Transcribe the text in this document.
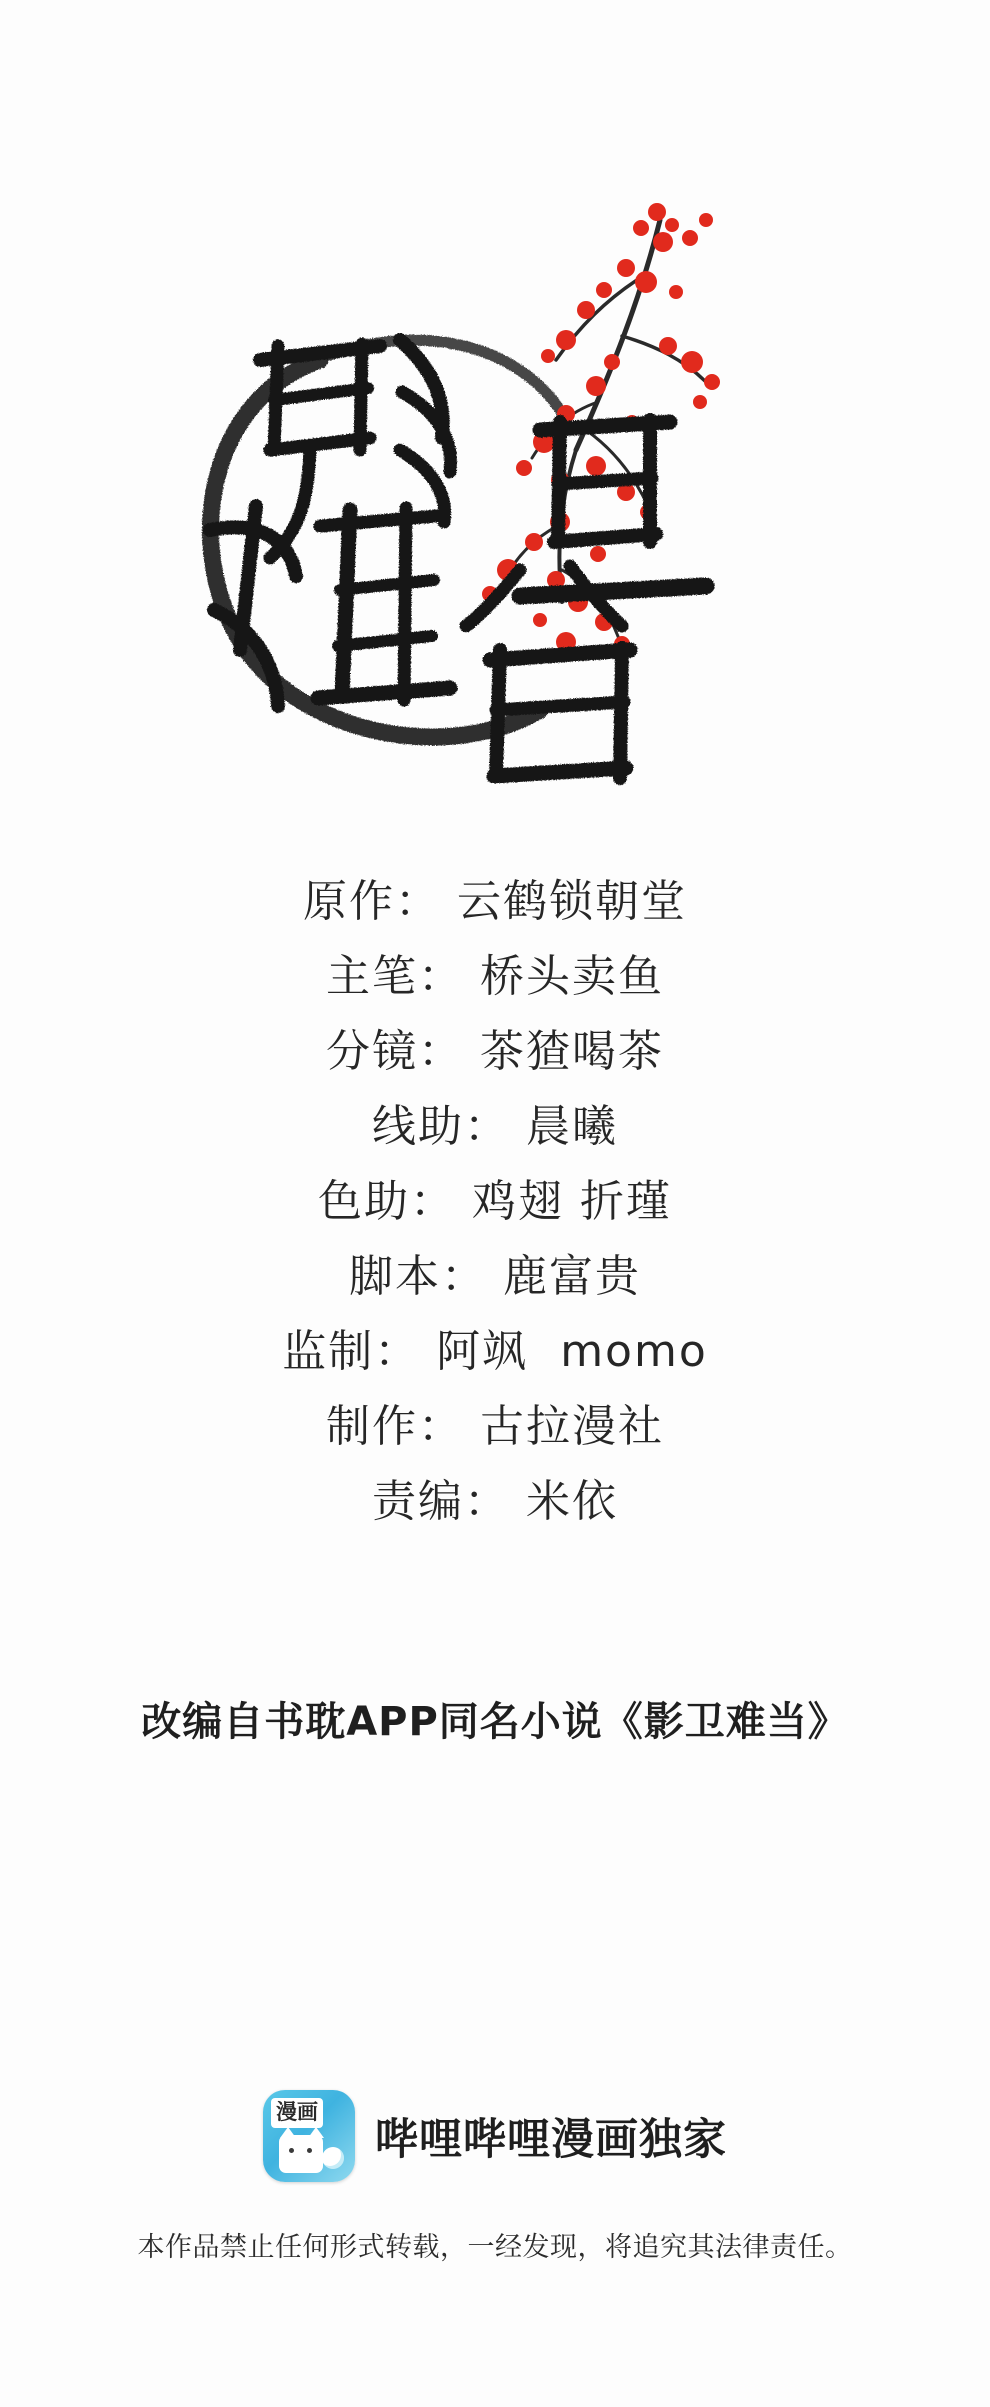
原作： 云鹤锁朝堂
主笔： 桥头卖鱼
分镜： 茶猹喝茶
线助： 晨曦
色助： 鸡翅 折瑾
脚本： 鹿富贵
监制： 阿飒  momo
制作： 古拉漫社
责编： 米依
改编自书耽APP同名小说《影卫难当》
漫画
哔哩哔哩漫画独家
本作品禁止任何形式转载，一经发现，将追究其法律责任。
